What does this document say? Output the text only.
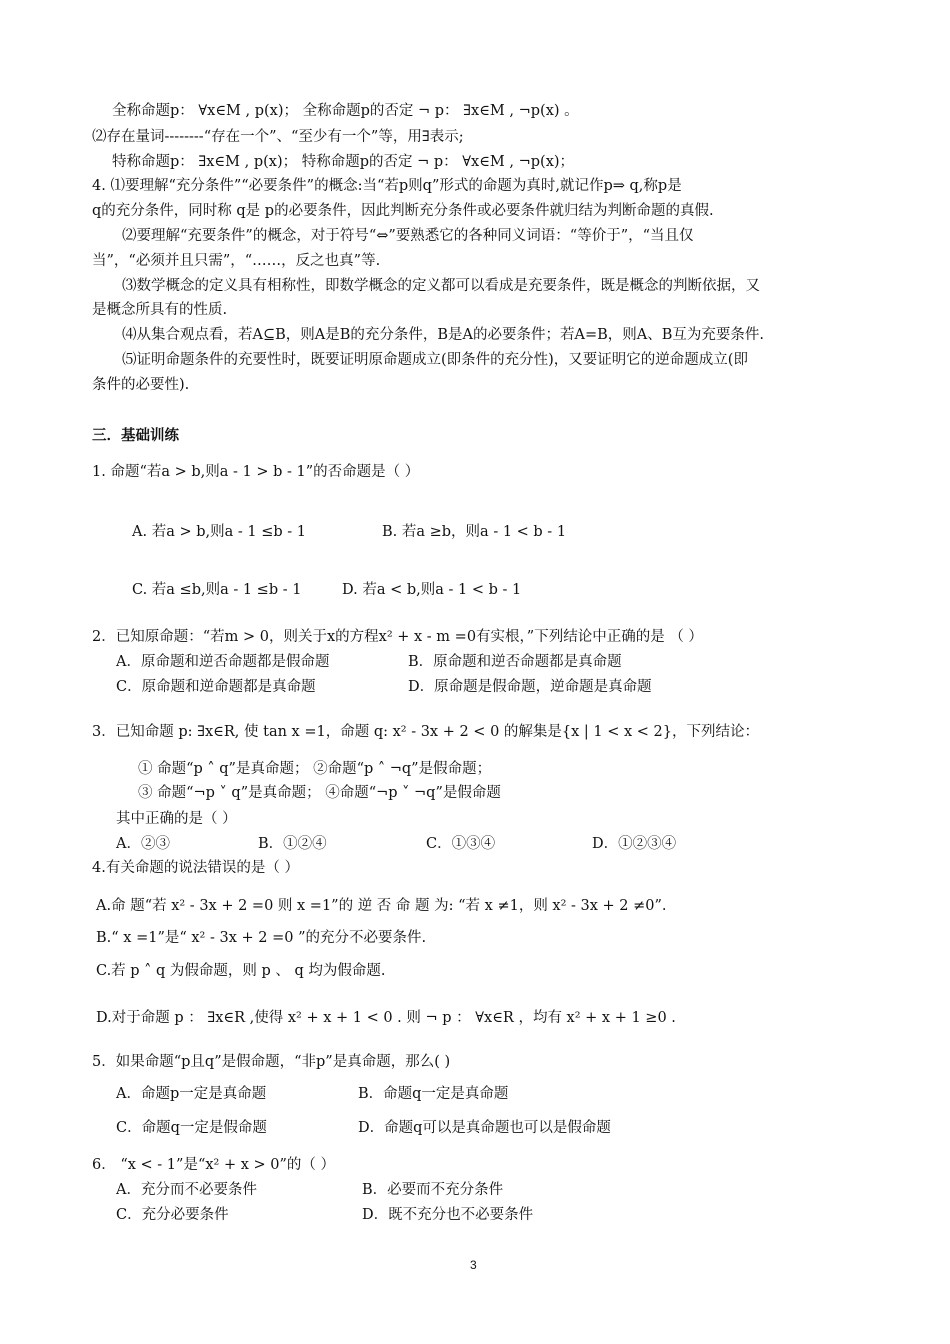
全称命题p： ∀x∈M , p(x)； 全称命题p的否定 ¬ p： ∃x∈M , ¬p(x) 。
⑵存在量词--------“存在一个”、“至少有一个”等，用∃表示;
特称命题p： ∃x∈M , p(x)； 特称命题p的否定 ¬ p： ∀x∈M , ¬p(x)；
4. ⑴要理解“充分条件”“必要条件”的概念:当“若p则q”形式的命题为真时,就记作p⇒ q,称p是
q的充分条件，同时称 q是 p的必要条件，因此判断充分条件或必要条件就归结为判断命题的真假.
⑵要理解“充要条件”的概念，对于符号“⇔”要熟悉它的各种同义词语：“等价于”，“当且仅
当”，“必须并且只需”，“……，反之也真”等.
⑶数学概念的定义具有相称性，即数学概念的定义都可以看成是充要条件，既是概念的判断依据，又
是概念所具有的性质.
⑷从集合观点看，若A⊆B，则A是B的充分条件，B是A的必要条件；若A=B，则A、B互为充要条件.
⑸证明命题条件的充要性时，既要证明原命题成立(即条件的充分性)，又要证明它的逆命题成立(即
条件的必要性).
三．基础训练
1. 命题“若a > b,则a - 1 > b - 1”的否命题是（ ）
A. 若a > b,则a - 1 ≤b - 1	B. 若a ≥b，则a - 1 < b - 1
C. 若a ≤b,则a - 1 ≤b - 1	D. 若a < b,则a - 1 < b - 1
2．已知原命题：“若m > 0，则关于x的方程x² + x - m =0有实根，”下列结论中正确的是 （ ）
A．原命题和逆否命题都是假命题	B．原命题和逆否命题都是真命题
C．原命题和逆命题都是真命题	D．原命题是假命题，逆命题是真命题
3．已知命题 p: ∃x∈R, 使 tan x =1，命题 q: x² - 3x + 2 < 0 的解集是{x | 1 < x < 2}，下列结论：
① 命题“p ˄ q”是真命题； ②命题“p ˄ ¬q”是假命题；
③ 命题“¬p ˅ q”是真命题； ④命题“¬p ˅ ¬q”是假命题
其中正确的是（ ）
A．②③	B．①②④	C．①③④	D．①②③④
4.有关命题的说法错误的是（ ）
A.命 题“若 x² - 3x + 2 =0 则 x =1”的 逆 否 命 题 为: “若 x ≠1，则 x² - 3x + 2 ≠0”.
B.“ x =1”是“ x² - 3x + 2 =0 ”的充分不必要条件.
C.若 p ˄ q 为假命题，则 p 、 q 均为假命题.
D.对于命题 p ： ∃x∈R ,使得 x² + x + 1 < 0 . 则 ¬ p ： ∀x∈R ，均有 x² + x + 1 ≥0 .
5．如果命题“p且q”是假命题，“非p”是真命题，那么( )
A．命题p一定是真命题	B．命题q一定是真命题
C．命题q一定是假命题	D．命题q可以是真命题也可以是假命题
6． “x < - 1”是“x² + x > 0”的（ ）
A．充分而不必要条件	B．必要而不充分条件
C．充分必要条件	D．既不充分也不必要条件
3
